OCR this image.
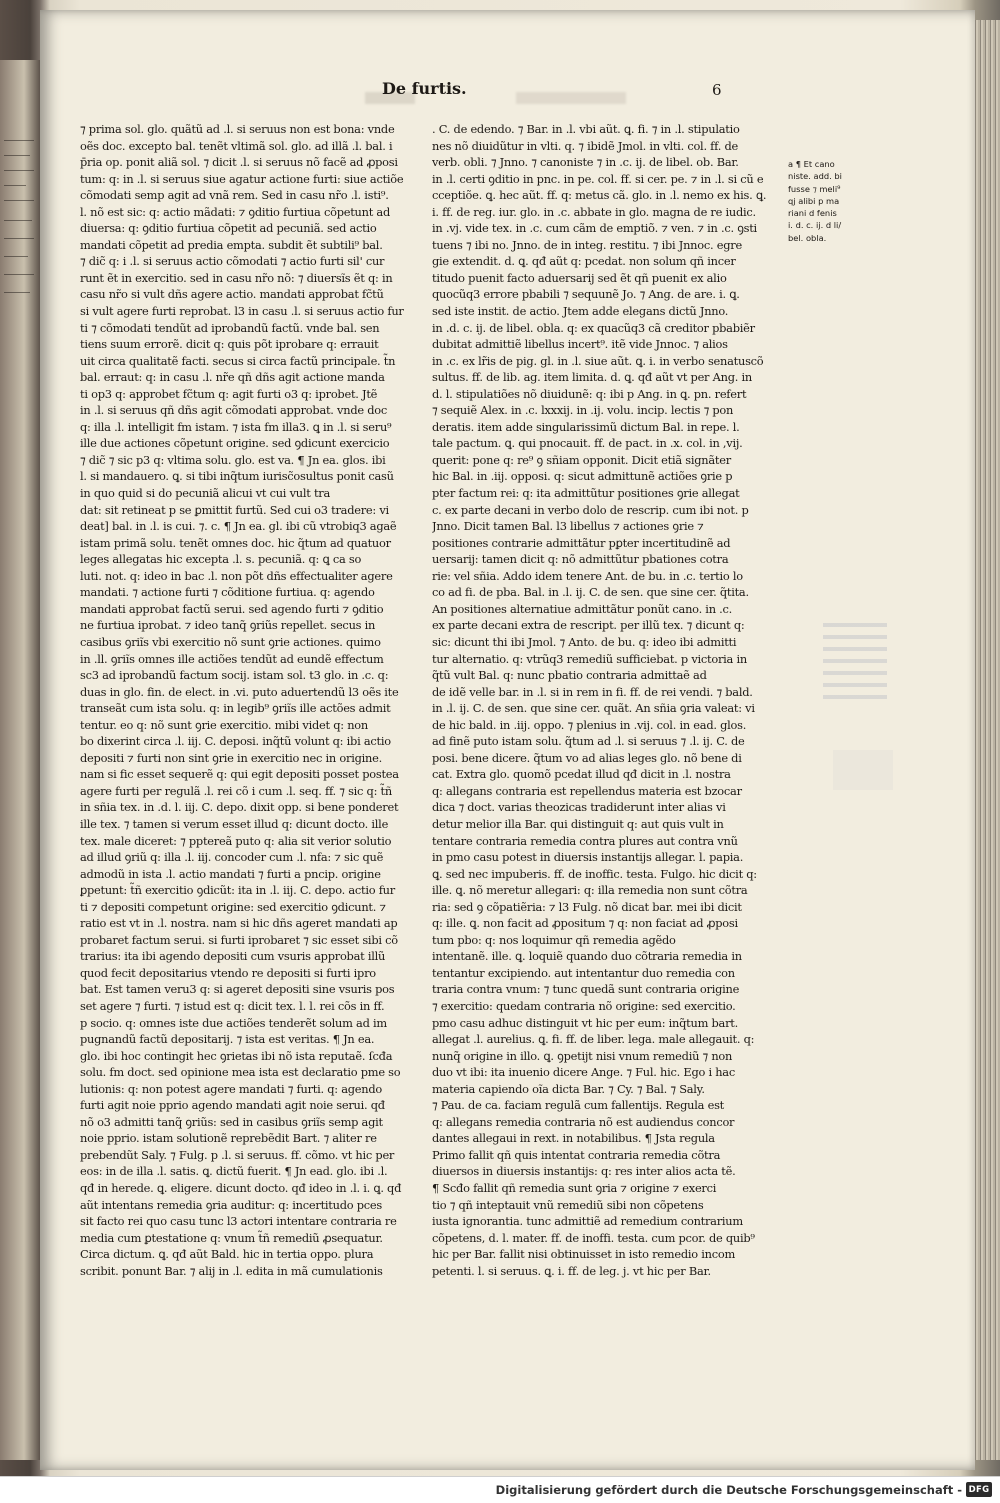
De furtis.	6
⁊ prima sol. glo. quãtũ ad .l. si seruus non est bona: vnde
oẽs doc. excepto bal. tenẽt vltimã sol. glo. ad illã .l. bal. i
p̄ria op. ponit aliã sol. ⁊ dicit .l. si seruus nõ facẽ ad ꝓposi
tum: q: in .l. si seruus siue agatur actione furti: siue actiõe
cõmodati semp agit ad vnã rem. Sed in casu nr̃o .l. isti⁹.
l. nõ est sic: q: actio mãdati: ⁊ ꝯditio furtiua cõpetunt ad
diuersa: q: ꝯditio furtiua cõpetit ad pecuniã. sed actio
mandati cõpetit ad predia empta. subdit ẽt subtili⁹ bal.
⁊ dic̃ q: i .l. si seruus actio cõmodati ⁊ actio furti sil' cur
runt ẽt in exercitio. sed in casu nr̃o nõ: ⁊ diuersĩs ẽt q: in
casu nr̃o si vult dñs agere actio. mandati approbat fc̃tũ
si vult agere furti reprobat. l3 in casu .l. si seruus actio fur
ti ⁊ cõmodati tendũt ad iprobandũ factũ. vnde bal. sen
tiens suum errorẽ. dicit q: quis põt iprobare q: errauit
uit circa qualitatẽ facti. secus si circa factũ principale. t̃n
bal. erraut: q: in casu .l. nr̃e qñ dñs agit actione manda
ti op3 q: approbet fc̃tum q: agit furti o3 q: iprobet. Jtẽ
in .l. si seruus qñ dñs agit cõmodati approbat. vnde doc
q: illa .l. intelligit fm istam. ⁊ ista fm illa3. ꝗ in .l. si seru⁹
ille due actiones cõpetunt origine. sed ꝯdicunt exercicio
⁊ dic̃ ⁊ sic p3 q: vltima solu. glo. est va. ¶ Jn ea. glos. ibi
l. si mandauero. ꝗ. si tibi inq̃tum iurisc̃osultus ponit casũ
in quo quid si do pecuniã alicui vt cui vult tra
dat: sit retineat p se ꝑmittit furtũ. Sed cui o3 tradere: vi
deat] bal. in .l. is cui. ⁊. c. ¶ Jn ea. gl. ibi cũ vtrobiq3 agaẽ
istam primã solu. tenẽt omnes doc. hic q̃tum ad quatuor
leges allegatas hic excepta .l. s. pecuniã. q: ꝗ ca so
luti. not. q: ideo in bac .l. non põt dñs effectualiter agere
mandati. ⁊ actione furti ⁊ cõditione furtiua. q: agendo
mandati approbat factũ serui. sed agendo furti ⁊ ꝯditio
ne furtiua iprobat. ⁊ ideo tanq̃ ꝯriũs repellet. secus in
casibus ꝯriĩs vbi exercitio nõ sunt ꝯrie actiones. quimo
in .ll. ꝯriĩs omnes ille actiões tendũt ad eundẽ effectum
sc3 ad iprobandũ factum socij. istam sol. t3 glo. in .c. q:
duas in glo. fin. de elect. in .vi. puto aduertendũ l3 oẽs ite
transeãt cum ista solu. q: in legib⁹ ꝯriĩs ille actões admit
tentur. eo q: nõ sunt ꝯrie exercitio. mibi videt q: non
bo dixerint circa .l. iij. C. deposi. inq̃tũ volunt q: ibi actio
depositi ⁊ furti non sint ꝯrie in exercitio nec in origine.
nam si fic esset sequerẽ q: qui egit depositi posset postea
agere furti per regulã .l. rei cõ i cum .l. seq. ff. ⁊ sic q: t̃ñ
in sñia tex. in .d. l. iij. C. depo. dixit opp. si bene ponderet
ille tex. ⁊ tamen si verum esset illud q: dicunt docto. ille
tex. male diceret: ⁊ pptereã puto q: alia sit verior solutio
ad illud ꝯriũ q: illa .l. iij. concoder cum .l. nfa: ⁊ sic quẽ
admodũ in ista .l. actio mandati ⁊ furti a pncip. origine
ꝑpetunt: t̃ñ exercitio ꝯdicũt: ita in .l. iij. C. depo. actio fur
ti ⁊ depositi competunt origine: sed exercitio ꝯdicunt. ⁊
ratio est vt in .l. nostra. nam si hic dñs ageret mandati ap
probaret factum serui. si furti iprobaret ⁊ sic esset sibi cõ
trarius: ita ibi agendo depositi cum vsuris approbat illũ
quod fecit depositarius vtendo re depositi si furti ipro
bat. Est tamen veru3 q: si ageret depositi sine vsuris pos
set agere ⁊ furti. ⁊ istud est q: dicit tex. l. l. rei cõs in ff.
p socio. q: omnes iste due actiões tenderẽt solum ad im
pugnandũ factũ depositarij. ⁊ ista est veritas. ¶ Jn ea.
glo. ibi hoc contingit hec ꝯrietas ibi nõ ista reputaẽ. ſcđa
solu. fm doct. sed opinione mea ista est declaratio pme so
lutionis: q: non potest agere mandati ⁊ furti. q: agendo
furti agit noie pprio agendo mandati agit noie serui. qđ
nõ o3 admitti tanq̃ ꝯriũs: sed in casibus ꝯriĩs semp agit
noie pprio. istam solutionẽ reprebẽdit Bart. ⁊ aliter re
prebendũt Saly. ⁊ Fulg. p .l. si seruus. ff. cõmo. vt hic per
eos: in de illa .l. satis. ꝗ. dictũ fuerit. ¶ Jn ead. glo. ibi .l.
qđ in herede. ꝗ. eligere. dicunt docto. qđ ideo in .l. i. ꝗ. qđ
aũt intentans remedia ꝯria auditur: q: incertitudo pces
sit facto rei quo casu tunc l3 actori intentare contraria re
media cum ꝑtestatione q: vnum t̃ñ remediũ ꝓsequatur.
Circa dictum. ꝗ. qđ aũt Bald. hic in tertia oppo. plura
scribit. ponunt Bar. ⁊ alij in .l. edita in mã cumulationis
. C. de edendo. ⁊ Bar. in .l. vbi aũt. ꝗ. fi. ⁊ in .l. stipulatio
nes nõ diuidũtur in vlti. q. ⁊ ibidẽ Jmol. in vlti. col. ff. de
verb. obli. ⁊ Jnno. ⁊ canoniste ⁊ in .c. ij. de libel. ob. Bar.
in .l. certi ꝯditio in pnc. in pe. col. ff. si cer. pe. ⁊ in .l. si cũ e
cceptiõe. ꝗ. hec aũt. ff. q: metus cã. glo. in .l. nemo ex his. ꝗ.
i. ff. de reg. iur. glo. in .c. abbate in glo. magna de re iudic.
in .vj. vide tex. in .c. cum cãm de emptiõ. ⁊ ven. ⁊ in .c. ꝯsti
tuens ⁊ ibi no. Jnno. de in integ. restitu. ⁊ ibi Jnnoc. egre
gie extendit. d. ꝗ. qđ aũt q: pcedat. non solum qñ incer
titudo puenit facto aduersarij sed ẽt qñ puenit ex alio
quocũq3 errore pbabili ⁊ sequunẽ Jo. ⁊ Ang. de are. i. ꝗ.
sed iste instit. de actio. Jtem adde elegans dictũ Jnno.
in .d. c. ij. de libel. obla. q: ex quacũq3 cã creditor pbabiẽr
dubitat admittiẽ libellus incert⁹. itẽ vide Jnnoc. ⁊ alios
in .c. ex lr̃is de pig. gl. in .l. siue aũt. ꝗ. i. in verbo senatuscõ
sultus. ff. de lib. ag. item limita. d. ꝗ. qđ aũt vt per Ang. in
d. l. stipulatiões nõ diuidunẽ: q: ibi p Ang. in ꝗ. pn. refert
⁊ sequiẽ Alex. in .c. lxxxij. in .ij. volu. incip. lectis ⁊ pon
deratis. item adde singularissimũ dictum Bal. in repe. l.
tale pactum. ꝗ. qui pnocauit. ff. de pact. in .x. col. in ,vij.
querit: pone q: re⁹ ꝯ sñiam opponit. Dicit etiã signãter
hic Bal. in .iij. opposi. q: sicut admittunẽ actiões ꝯrie p
pter factum rei: q: ita admittũtur positiones ꝯrie allegat
c. ex parte decani in verbo dolo de rescrip. cum ibi not. p
Jnno. Dicit tamen Bal. l3 libellus ⁊ actiones ꝯrie ⁊
positiones contrarie admittãtur pꝑter incertitudinẽ ad
uersarij: tamen dicit q: nõ admittũtur pbationes cotra
rie: vel sñia. Addo idem tenere Ant. de bu. in .c. tertio lo
co ad fi. de pba. Bal. in .l. ij. C. de sen. que sine cer. q̃tita.
An positiones alternatiue admittãtur ponũt cano. in .c.
ex parte decani extra de rescript. per illũ tex. ⁊ dicunt q:
sic: dicunt thi ibi Jmol. ⁊ Anto. de bu. q: ideo ibi admitti
tur alternatio. q: vtrũq3 remediũ sufficiebat. p victoria in
q̃tũ vult Bal. q: nunc pbatio contraria admittaẽ ad
de idẽ velle bar. in .l. si in rem in fi. ff. de rei vendi. ⁊ bald.
in .l. ij. C. de sen. que sine cer. quãt. An sñia ꝯria valeat: vi
de hic bald. in .iij. oppo. ⁊ plenius in .vij. col. in ead. glos.
ad finẽ puto istam solu. q̃tum ad .l. si seruus ⁊ .l. ij. C. de
posi. bene dicere. q̃tum vo ad alias leges glo. nõ bene di
cat. Extra glo. quomõ pcedat illud qđ dicit in .l. nostra
q: allegans contraria est repellendus materia est bzocar
dica ⁊ doct. varias theozicas tradiderunt inter alias vi
detur melior illa Bar. qui distinguit q: aut quis vult in
tentare contraria remedia contra plures aut contra vnũ
in pmo casu potest in diuersis instantijs allegar. l. papia.
ꝗ. sed nec impuberis. ff. de inoffic. testa. Fulgo. hic dicit q:
ille. ꝗ. nõ meretur allegari: q: illa remedia non sunt cõtra
ria: sed ꝯ cõpatiẽria: ⁊ l3 Fulg. nõ dicat bar. mei ibi dicit
q: ille. ꝗ. non facit ad ꝓpositum ⁊ q: non faciat ad ꝓposi
tum pbo: q: nos loquimur qñ remedia agẽdo
intentanẽ. ille. ꝗ. loquiẽ quando duo cõtraria remedia in
tentantur excipiendo. aut intentantur duo remedia con
traria contra vnum: ⁊ tunc quedã sunt contraria origine
⁊ exercitio: quedam contraria nõ origine: sed exercitio.
pmo casu adhuc distinguit vt hic per eum: inq̃tum bart.
allegat .l. aurelius. ꝗ. fi. ff. de liber. lega. male allegauit. q:
nunq̃ origine in illo. ꝗ. ꝯpetijt nisi vnum remediũ ⁊ non
duo vt ibi: ita inuenio dicere Ange. ⁊ Ful. hic. Ego i hac
materia capiendo oĩa dicta Bar. ⁊ Cy. ⁊ Bal. ⁊ Saly.
⁊ Pau. de ca. faciam regulã cum fallentijs. Regula est
q: allegans remedia contraria nõ est audiendus concor
dantes allegaui in rext. in notabilibus. ¶ Jsta regula
Primo fallit qñ quis intentat contraria remedia cõtra
diuersos in diuersis instantijs: q: res inter alios acta tẽ.
¶ Scđo fallit qñ remedia sunt ꝯria ⁊ origine ⁊ exerci
tio ⁊ qñ inteptauit vnũ remediũ sibi non cõpetens
iusta ignorantia. tunc admittiẽ ad remedium contrarium
cõpetens, d. l. mater. ff. de inoffi. testa. cum pcor. de quib⁹
hic per Bar. fallit nisi obtinuisset in isto remedio incom
petenti. l. si seruus. ꝗ. i. ff. de leg. j. vt hic per Bar.
a ¶ Et cano
niste. add. bi
fusse ⁊ meli⁹
qj alibi p ma
riani d fenis
i. d. c. ij. d li/
bel. obla.
Digitalisierung gefördert durch die Deutsche Forschungsgemeinschaft - DFG
